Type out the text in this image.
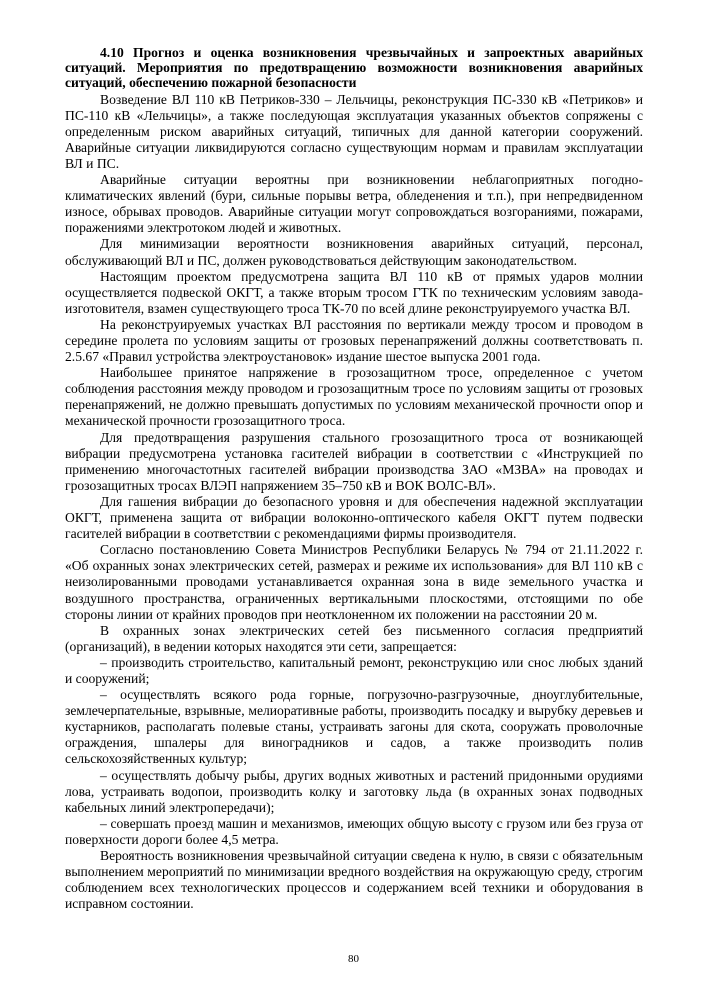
4.10 Прогноз и оценка возникновения чрезвычайных и запроектных аварийных ситуаций. Мероприятия по предотвращению возможности возникновения аварийных ситуаций, обеспечению пожарной безопасности

Возведение ВЛ 110 кВ Петриков-330 – Лельчицы, реконструкция ПС-330 кВ «Петриков» и ПС-110 кВ «Лельчицы», а также последующая эксплуатация указанных объектов сопряжены с определенным риском аварийных ситуаций, типичных для данной категории сооружений. Аварийные ситуации ликвидируются согласно существующим нормам и правилам эксплуатации ВЛ и ПС.

Аварийные ситуации вероятны при возникновении неблагоприятных погодно-климатических явлений (бури, сильные порывы ветра, обледенения и т.п.), при непредвиденном износе, обрывах проводов. Аварийные ситуации могут сопровождаться возгораниями, пожарами, поражениями электротоком людей и животных.

Для минимизации вероятности возникновения аварийных ситуаций, персонал, обслуживающий ВЛ и ПС, должен руководствоваться действующим законодательством.

Настоящим проектом предусмотрена защита ВЛ 110 кВ от прямых ударов молнии осуществляется подвеской ОКГТ, а также вторым тросом ГТК по техническим условиям завода-изготовителя, взамен существующего троса ТК-70 по всей длине реконструируемого участка ВЛ.

На реконструируемых участках ВЛ расстояния по вертикали между тросом и проводом в середине пролета по условиям защиты от грозовых перенапряжений должны соответствовать п. 2.5.67 «Правил устройства электроустановок» издание шестое выпуска 2001 года.

Наибольшее принятое напряжение в грозозащитном тросе, определенное с учетом соблюдения расстояния между проводом и грозозащитным тросе по условиям защиты от грозовых перенапряжений, не должно превышать допустимых по условиям механической прочности опор и механической прочности грозозащитного троса.

Для предотвращения разрушения стального грозозащитного троса от возникающей вибрации предусмотрена установка гасителей вибрации в соответствии с «Инструкцией по применению многочастотных гасителей вибрации производства ЗАО «МЗВА» на проводах и грозозащитных тросах ВЛЭП напряжением 35–750 кВ и ВОК ВОЛС-ВЛ».

Для гашения вибрации до безопасного уровня и для обеспечения надежной эксплуатации ОКГТ, применена защита от вибрации волоконно-оптического кабеля ОКГТ путем подвески гасителей вибрации в соответствии с рекомендациями фирмы производителя.

Согласно постановлению Совета Министров Республики Беларусь № 794 от 21.11.2022 г. «Об охранных зонах электрических сетей, размерах и режиме их использования» для ВЛ 110 кВ с неизолированными проводами устанавливается охранная зона в виде земельного участка и воздушного пространства, ограниченных вертикальными плоскостями, отстоящими по обе стороны линии от крайних проводов при неотклоненном их положении на расстоянии 20 м.

В охранных зонах электрических сетей без письменного согласия предприятий (организаций), в ведении которых находятся эти сети, запрещается:

– производить строительство, капитальный ремонт, реконструкцию или снос любых зданий и сооружений;

– осуществлять всякого рода горные, погрузочно-разгрузочные, дноуглубительные, землечерпательные, взрывные, мелиоративные работы, производить посадку и вырубку деревьев и кустарников, располагать полевые станы, устраивать загоны для скота, сооружать проволочные ограждения, шпалеры для виноградников и садов, а также производить полив сельскохозяйственных культур;

– осуществлять добычу рыбы, других водных животных и растений придонными орудиями лова, устраивать водопои, производить колку и заготовку льда (в охранных зонах подводных кабельных линий электропередачи);

– совершать проезд машин и механизмов, имеющих общую высоту с грузом или без груза от поверхности дороги более 4,5 метра.

Вероятность возникновения чрезвычайной ситуации сведена к нулю, в связи с обязательным выполнением мероприятий по минимизации вредного воздействия на окружающую среду, строгим соблюдением всех технологических процессов и содержанием всей техники и оборудования в исправном состоянии.

80
